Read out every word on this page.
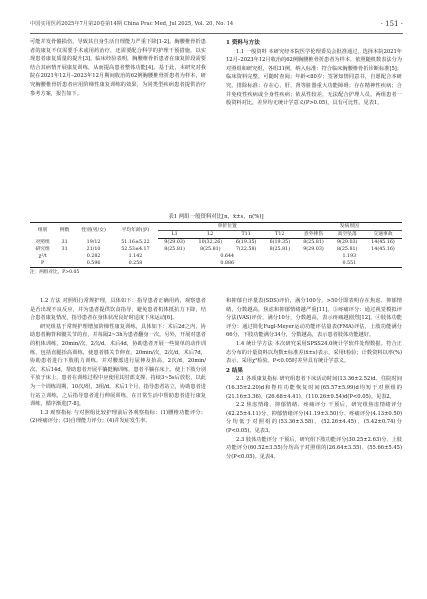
中国实用医药2025年7月第20卷第14期 China Prac Med, Jul 2025, Vol. 20, No. 14	· 151 ·

可能并发骨骼损伤，导致其自身生活自理能力严重下降[1-2]。胸腰椎骨折患者的康复不仅需要手术或用药治疗，还需要配合科学的护理干预措施，以实现患者康复质量的提升[3]。临床经验表明，胸腰椎骨折患者在康复阶段需要结合其病情开展康复训练，从而提高患者整体功能[4]。基于此，本研究对我院在2021年12月–2023年12月期间收治的62例胸腰椎骨折患者为样本，研究胸腰椎骨折患者应用阶梯性康复训练的效果，为同类型疾病患者提供治疗参考方案，报告如下。

1 资料与方法

1.1 一般资料 本研究经本院医学伦理委员会批准通过，选择本院2021年12月–2023年12月收治的62例胸腰椎骨折患者为样本，依照随机数表法分为对照组和研究组，各组31例，纳入标准：符合临床胸腰椎骨折诊断标准[5]；临床资料完整，可随时查阅；年龄<80岁；签署知情同意书，自愿配合本研究。排除标准：存在心、肝、肾等脏器重大功能障碍；存在精神性疾病；合并免疫性疾病或全身性疾病；依从性较差，无法配合护理人员。两组患者一般资料对比，差异均无统计学意义(P>0.05)，具有可比性。见表1。

表1 两组一般资料对比[n，x̄±s，n(%)]
组别	例数	性别(男/女)	平均年龄(岁)	骨折位置				发病原因		
				L1	L2	T11	T12	意外摔伤	高空坠落	交通事故
对照组	31	19/12	51.16±5.22	9(29.03)	10(32.26)	6(19.35)	6(19.35)	8(25.81)	9(29.03)	14(45.16)
研究组	31	21/10	52.53±4.17	8(25.81)	8(25.81)	7(22.58)	8(25.81)	9(29.03)	8(25.81)	14(45.16)
χ²/t		0.282	1.142	0.644				1.193		
P		0.596	0.258	0.886				0.551		
注：两组对比，P>0.05

1.2 方法 对照组行常规护理，具体如下：指导患者正确用药，观察患者是否出现不良反应，并为患者提供饮食指导，避免患者机体抵抗力下降，结合患者康复情况，指导患者在身体状况良好时适度下床运动[6]。

研究组基于常规护理增加阶梯性康复训练，具体如下：术后2d之内，协助患者胸背和髋关节的直，并每隔2~3h为患者翻身一次。另外，开展对患者的机体训练，20min/次，2次/d。术后4d，协助患者开展一些简单的动作训练，包括直腿抬高训练，使患者膝关节伸直，20min/次，2次/d。术后7d，协助患者进行下肢肌力训练，并对腰部进行屈伸及抬高，2次/d，20min/次。术后14d，帮助患者开展平躺挺胸训练，患者平躺在床上，使上下肢分别平放于床上，患者在训练过程中应使用其肘部支撑，持续3~5s后放松，以此为一个训练周期，10次/组，3组/d。术后1个月，指导患者站立，协助患者进行站立训练，之后指导患者进行伸展训练，在日常生活中帮助患者进行康复训练，循序渐进[7-8]。

1.3 观察指标 与对照组比较护理前后各观察指标：(1)腰椎功能评分；(2)疼痛评分；(3)自理能力评分；(4)并发症发生率。

和抑郁自评量表(SDS)评价，满分100分，>50分即表明存在焦虑、抑郁情绪，分数越高，焦虑和抑郁情绪越严重[11]。③疼痛评分：通过视觉模拟评分法(VAS)评价，满分10分，分数越高，表示疼痛越剧烈[12]。④肢体功能评分：通过简化Fugl-Meyer运动功能评估量表(FMA)评估，上肢功能满分66分，下肢功能满分34分，分数越高，表示患者肢体功能越好。

1.4 统计学方法 本次研究采用SPSS24.0统计学软件处理数据。符合正态分布的计量资料以均数±标准差(x̄±s)表示，采用t检验；计数资料以率(%)表示，采用χ²检验。P<0.05时差异具有统计学意义。

2 结果

2.1 各项康复指标 研究组患者下床活动时间(13.36±2.52)d、住院时间(16.35±2.20)d和脊柱功能恢复时间(65.57±5.99)d均短于对照组的(21.16±3.36)、(26.68±4.41)、(110.26±9.54)d(P<0.05)。见表2。

2.2 焦虑情绪、抑郁情绪、疼痛评分 干预后，研究组焦虑情绪评分(42.25±4.11)分、抑郁情绪评分(41.19±3.50)分、疼痛评分(4.13±0.50)分均低于对照组的(53.36±3.58)、(52.26±4.45)、(5.42±0.74)分(P<0.05)。见表3。

2.3 肢体功能评分 干预后，研究组下肢功能评分(30.25±2.63)分、上肢功能评分(60.52±3.55)分均高于对照组的(26.64±3.55)、(55.66±5.45)分(P<0.05)。见表4。
